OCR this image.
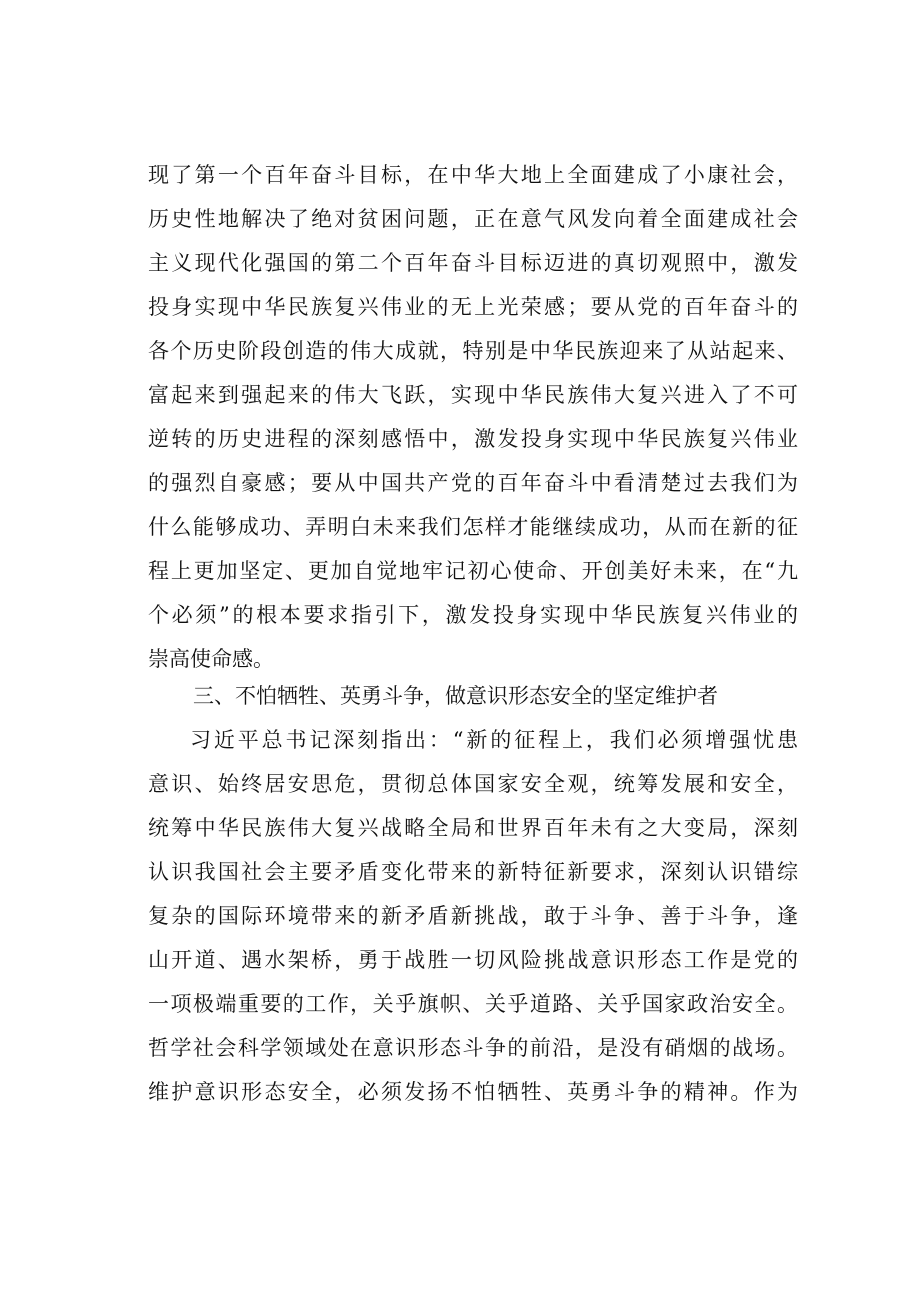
现了第一个百年奋斗目标，在中华大地上全面建成了小康社会，
历史性地解决了绝对贫困问题，正在意气风发向着全面建成社会
主义现代化强国的第二个百年奋斗目标迈进的真切观照中，激发
投身实现中华民族复兴伟业的无上光荣感；要从党的百年奋斗的
各个历史阶段创造的伟大成就，特别是中华民族迎来了从站起来、
富起来到强起来的伟大飞跃，实现中华民族伟大复兴进入了不可
逆转的历史进程的深刻感悟中，激发投身实现中华民族复兴伟业
的强烈自豪感；要从中国共产党的百年奋斗中看清楚过去我们为
什么能够成功、弄明白未来我们怎样才能继续成功，从而在新的征
程上更加坚定、更加自觉地牢记初心使命、开创美好未来，在“九
个必须”的根本要求指引下，激发投身实现中华民族复兴伟业的
崇高使命感。
三、不怕牺牲、英勇斗争，做意识形态安全的坚定维护者
习近平总书记深刻指出：“新的征程上，我们必须增强忧患
意识、始终居安思危，贯彻总体国家安全观，统筹发展和安全，
统筹中华民族伟大复兴战略全局和世界百年未有之大变局，深刻
认识我国社会主要矛盾变化带来的新特征新要求，深刻认识错综
复杂的国际环境带来的新矛盾新挑战，敢于斗争、善于斗争，逢
山开道、遇水架桥，勇于战胜一切风险挑战意识形态工作是党的
一项极端重要的工作，关乎旗帜、关乎道路、关乎国家政治安全。
哲学社会科学领域处在意识形态斗争的前沿，是没有硝烟的战场。
维护意识形态安全，必须发扬不怕牺牲、英勇斗争的精神。作为
